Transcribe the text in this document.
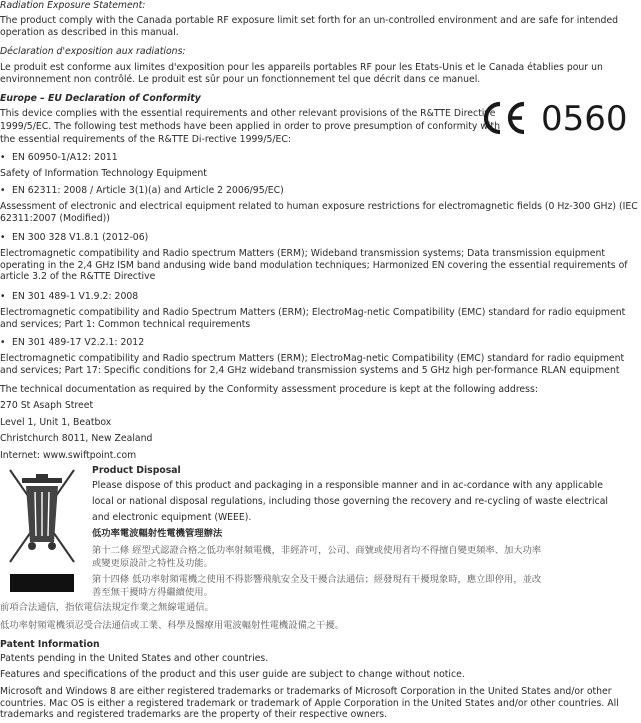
Radiation Exposure Statement:
The product comply with the Canada portable RF exposure limit set forth for an un-controlled environment and are safe for intended operation as described in this manual.
Déclaration d'exposition aux radiations:
Le produit est conforme aux limites d'exposition pour les appareils portables RF pour les Etats-Unis et le Canada établies pour un environnement non contrôlé. Le produit est sûr pour un fonctionnement tel que décrit dans ce manuel.
Europe – EU Declaration of Conformity
This device complies with the essential requirements and other relevant provisions of the R&TTE Directive
1999/5/EC. The following test methods have been applied in order to prove presumption of conformity with
the essential requirements of the R&TTE Di-rective 1999/5/EC:
0560
• EN 60950-1/A12: 2011
Safety of Information Technology Equipment
• EN 62311: 2008 / Article 3(1)(a) and Article 2 2006/95/EC)
Assessment of electronic and electrical equipment related to human exposure restrictions for electromagnetic fields (0 Hz-300 GHz) (IEC 62311:2007 (Modified))
• EN 300 328 V1.8.1 (2012-06)
Electromagnetic compatibility and Radio spectrum Matters (ERM); Wideband transmission systems; Data transmission equipment operating in the 2,4 GHz ISM band andusing wide band modulation techniques; Harmonized EN covering the essential requirements of article 3.2 of the R&TTE Directive
• EN 301 489-1 V1.9.2: 2008
Electromagnetic compatibility and Radio Spectrum Matters (ERM); ElectroMag-netic Compatibility (EMC) standard for radio equipment and services; Part 1: Common technical requirements
• EN 301 489-17 V2.2.1: 2012
Electromagnetic compatibility and Radio spectrum Matters (ERM); ElectroMag-netic Compatibility (EMC) standard for radio equipment and services; Part 17: Specific conditions for 2,4 GHz wideband transmission systems and 5 GHz high per-formance RLAN equipment
The technical documentation as required by the Conformity assessment procedure is kept at the following address:
270 St Asaph Street
Level 1, Unit 1, Beatbox
Christchurch 8011, New Zealand
Internet: www.swiftpoint.com
Product Disposal
Please dispose of this product and packaging in a responsible manner and in ac-cordance with any applicable
local or national disposal regulations, including those governing the recovery and re-cycling of waste electrical
and electronic equipment (WEEE).
低功率電波輻射性電機管理辦法
第十二條 經型式認證合格之低功率射頻電機，非經許可，公司、商號或使用者均不得擅自變更頻率、加大功率
或變更原設計之特性及功能。
第十四條 低功率射頻電機之使用不得影響飛航安全及干擾合法通信；經發現有干擾現象時，應立即停用，並改
善至無干擾時方得繼續使用。
前項合法通信，指依電信法規定作業之無線電通信。
低功率射頻電機須忍受合法通信或工業、科學及醫療用電波輻射性電機設備之干擾。
Patent Information
Patents pending in the United States and other countries.
Features and specifications of the product and this user guide are subject to change without notice.
Microsoft and Windows 8 are either registered trademarks or trademarks of Microsoft Corporation in the United States and/or other countries. Mac OS is either a registered trademark or trademark of Apple Corporation in the United States and/or other countries. All trademarks and registered trademarks are the property of their respective owners.
